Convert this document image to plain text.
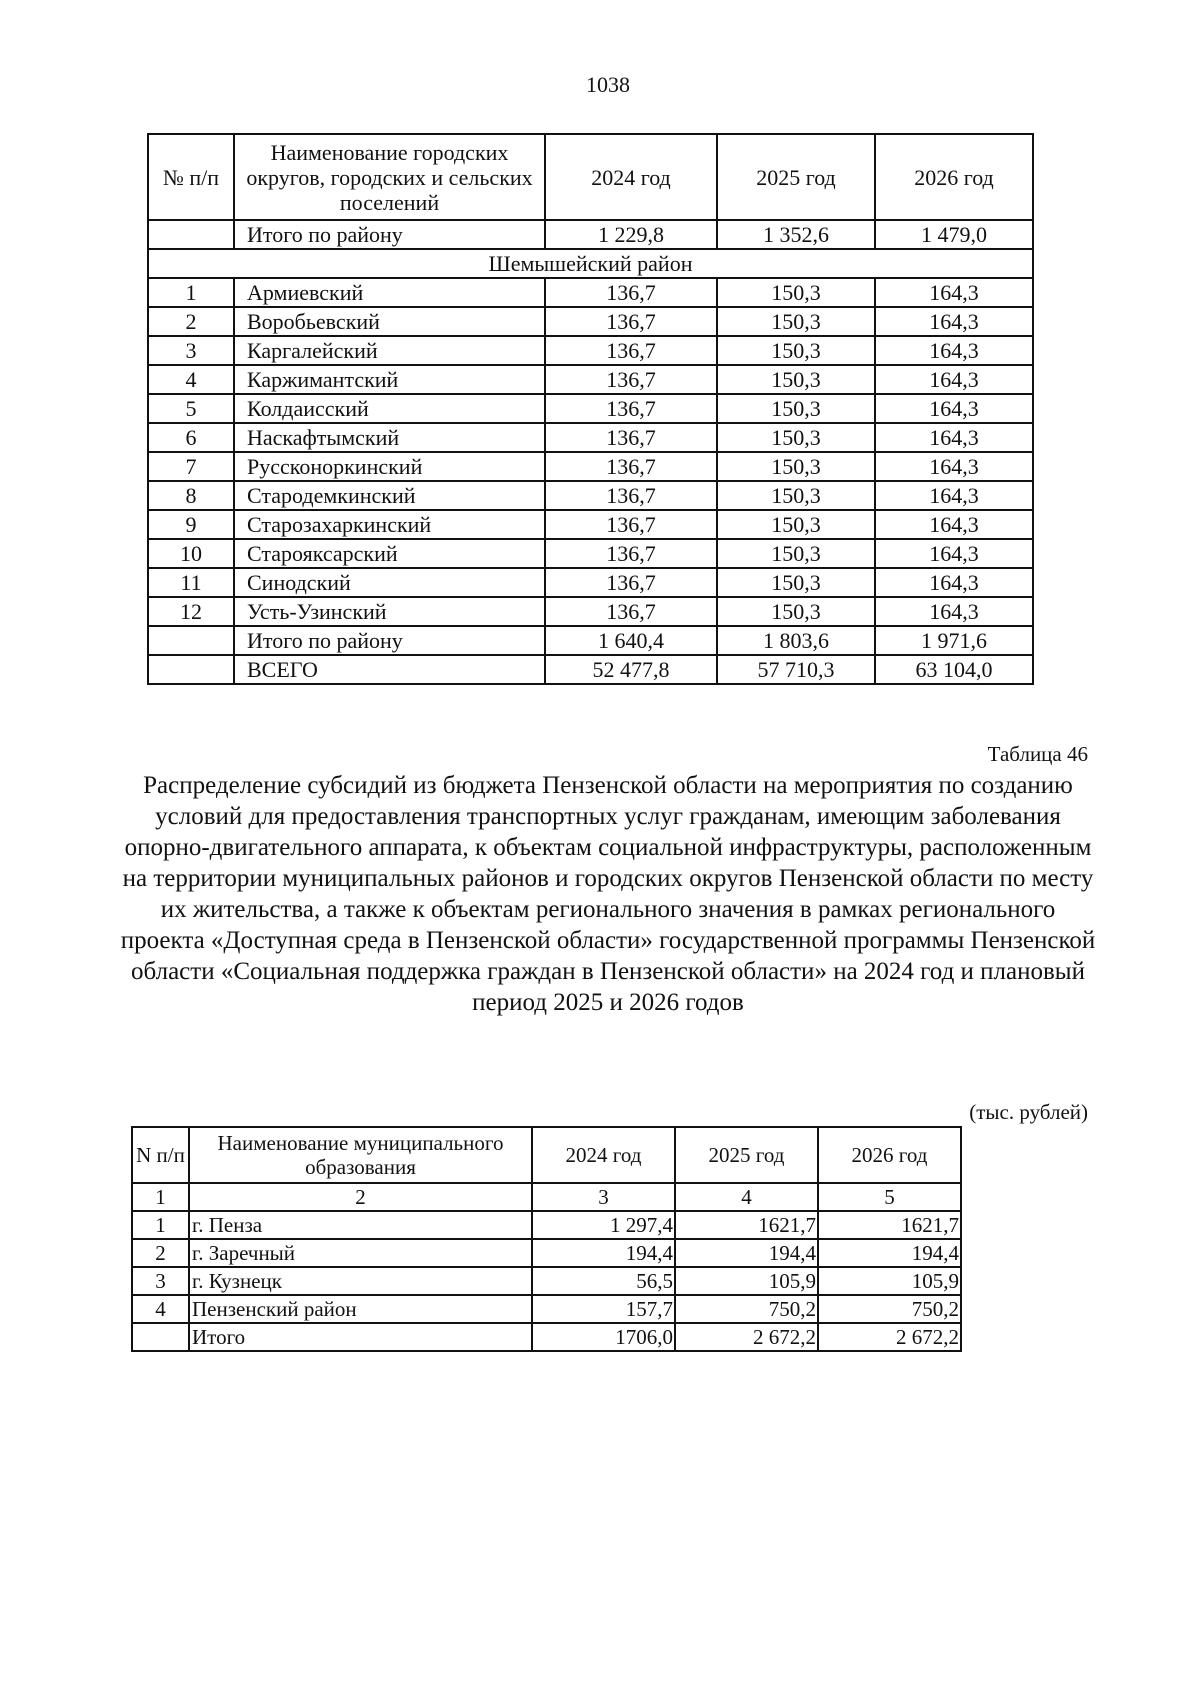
1038
№ п/п	Наименование городских округов, городских и сельских поселений	2024 год	2025 год	2026 год
	Итого по району	1 229,8	1 352,6	1 479,0
Шемышейский район				
1	Армиевский	136,7	150,3	164,3
2	Воробьевский	136,7	150,3	164,3
3	Каргалейский	136,7	150,3	164,3
4	Каржимантский	136,7	150,3	164,3
5	Колдаисский	136,7	150,3	164,3
6	Наскафтымский	136,7	150,3	164,3
7	Руссконоркинский	136,7	150,3	164,3
8	Стародемкинский	136,7	150,3	164,3
9	Старозахаркинский	136,7	150,3	164,3
10	Старояксарский	136,7	150,3	164,3
11	Синодский	136,7	150,3	164,3
12	Усть-Узинский	136,7	150,3	164,3
	Итого по району	1 640,4	1 803,6	1 971,6
	ВСЕГО	52 477,8	57 710,3	63 104,0
Таблица 46
Распределение субсидий из бюджета Пензенской области на мероприятия по созданию условий для предоставления транспортных услуг гражданам, имеющим заболевания опорно-двигательного аппарата, к объектам социальной инфраструктуры, расположенным на территории муниципальных районов и городских округов Пензенской области по месту их жительства, а также к объектам регионального значения в рамках регионального проекта «Доступная среда в Пензенской области» государственной программы Пензенской области «Социальная поддержка граждан в Пензенской области» на 2024 год и плановый период 2025 и 2026 годов
(тыс. рублей)
N п/п	Наименование муниципального образования	2024 год	2025 год	2026 год
1	2	3	4	5
1	г. Пенза	1 297,4	1621,7	1621,7
2	г. Заречный	194,4	194,4	194,4
3	г. Кузнецк	56,5	105,9	105,9
4	Пензенский район	157,7	750,2	750,2
	Итого	1706,0	2 672,2	2 672,2
